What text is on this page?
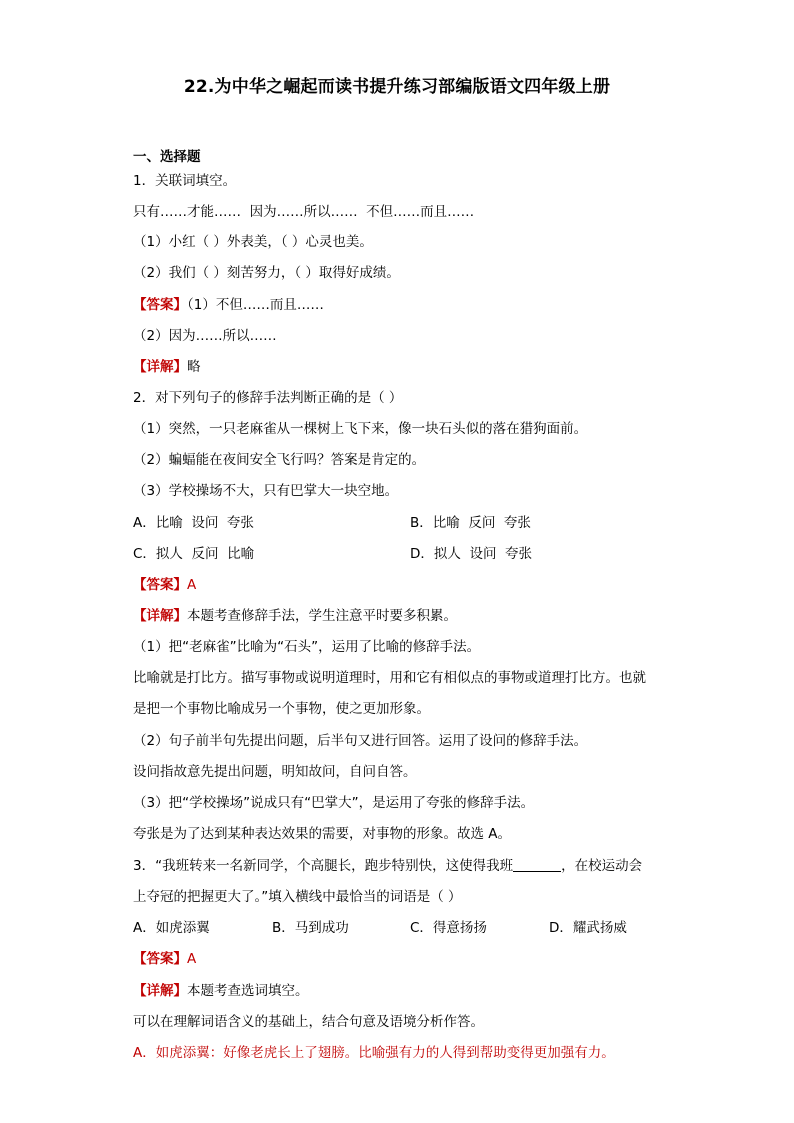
22.为中华之崛起而读书提升练习部编版语文四年级上册
一、选择题
1．关联词填空。
只有……才能……  因为……所以……  不但……而且……
（1）小红（ ）外表美，（ ）心灵也美。
（2）我们（ ）刻苦努力，（ ）取得好成绩。
【答案】（1）不但……而且……
（2）因为……所以……
【详解】略
2．对下列句子的修辞手法判断正确的是（ ）
（1）突然，一只老麻雀从一棵树上飞下来，像一块石头似的落在猎狗面前。
（2）蝙蝠能在夜间安全飞行吗？答案是肯定的。
（3）学校操场不大，只有巴掌大一块空地。
A．比喻  设问  夸张	B．比喻  反问  夸张
C．拟人  反问  比喻	D．拟人  设问  夸张
【答案】A
【详解】本题考查修辞手法，学生注意平时要多积累。
（1）把“老麻雀”比喻为“石头”，运用了比喻的修辞手法。
比喻就是打比方。描写事物或说明道理时，用和它有相似点的事物或道理打比方。也就
是把一个事物比喻成另一个事物，使之更加形象。
（2）句子前半句先提出问题，后半句又进行回答。运用了设问的修辞手法。
设问指故意先提出问题，明知故问，自问自答。
（3）把“学校操场”说成只有“巴掌大”，是运用了夸张的修辞手法。
夸张是为了达到某种表达效果的需要，对事物的形象。故选 A。
3．“我班转来一名新同学，个高腿长，跑步特别快，这使得我班	，在校运动会
上夺冠的把握更大了。”填入横线中最恰当的词语是（ ）
A．如虎添翼	B．马到成功	C．得意扬扬	D．耀武扬威
【答案】A
【详解】本题考查选词填空。
可以在理解词语含义的基础上，结合句意及语境分析作答。
A．如虎添翼：好像老虎长上了翅膀。比喻强有力的人得到帮助变得更加强有力。
